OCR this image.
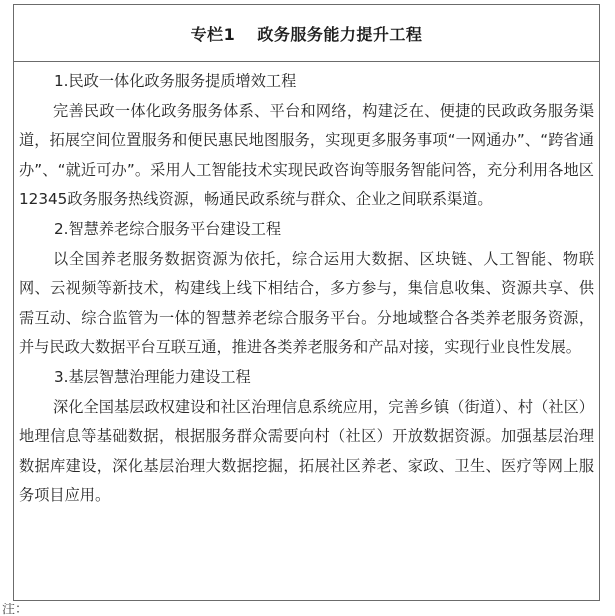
专栏1 政务服务能力提升工程

1.民政一体化政务服务提质增效工程

完善民政一体化政务服务体系、平台和网络，构建泛在、便捷的民政政务服务渠道，拓展空间位置服务和便民惠民地图服务，实现更多服务事项“一网通办”、“跨省通办”、“就近可办”。采用人工智能技术实现民政咨询等服务智能问答，充分利用各地区12345政务服务热线资源，畅通民政系统与群众、企业之间联系渠道。

2.智慧养老综合服务平台建设工程

以全国养老服务数据资源为依托，综合运用大数据、区块链、人工智能、物联网、云视频等新技术，构建线上线下相结合，多方参与，集信息收集、资源共享、供需互动、综合监管为一体的智慧养老综合服务平台。分地域整合各类养老服务资源，并与民政大数据平台互联互通，推进各类养老服务和产品对接，实现行业良性发展。

3.基层智慧治理能力建设工程

深化全国基层政权建设和社区治理信息系统应用，完善乡镇（街道）、村（社区）地理信息等基础数据，根据服务群众需要向村（社区）开放数据资源。加强基层治理数据库建设，深化基层治理大数据挖掘，拓展社区养老、家政、卫生、医疗等网上服务项目应用。

注：
